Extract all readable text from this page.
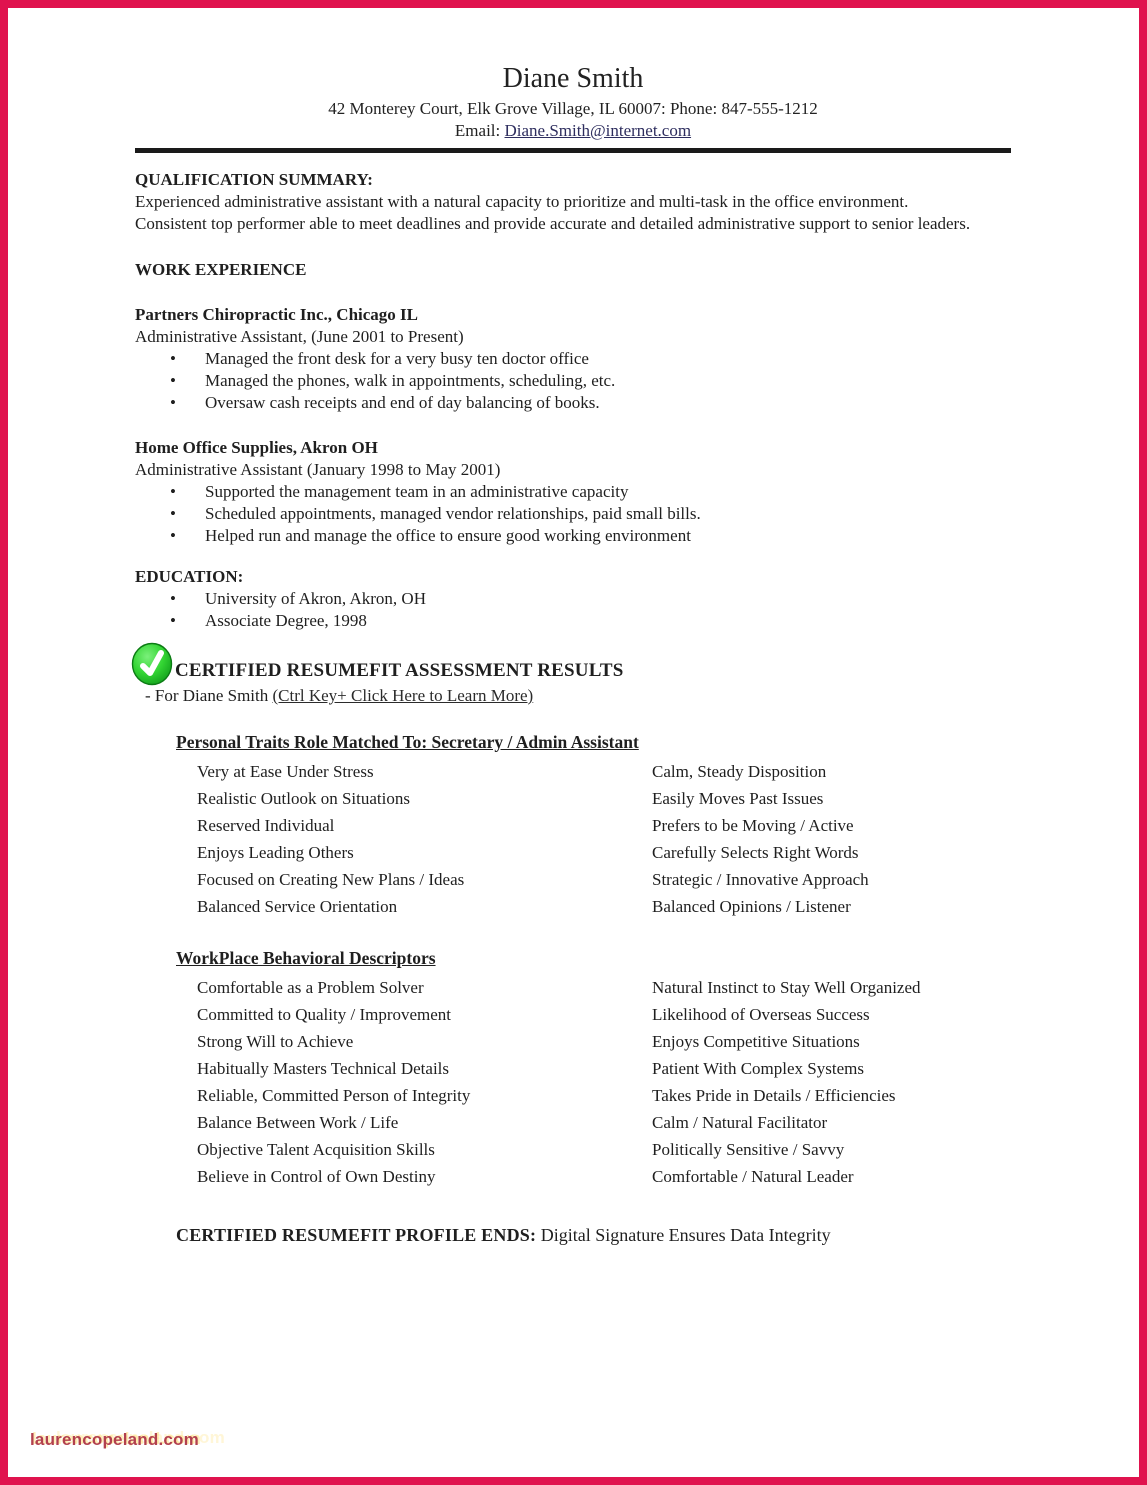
Diane Smith
42 Monterey Court, Elk Grove Village, IL 60007: Phone: 847-555-1212
Email: Diane.Smith@internet.com
QUALIFICATION SUMMARY:
Experienced administrative assistant with a natural capacity to prioritize and multi-task in the office environment.
Consistent top performer able to meet deadlines and provide accurate and detailed administrative support to senior leaders.
WORK EXPERIENCE
Partners Chiropractic Inc., Chicago IL
Administrative Assistant, (June 2001 to Present)
• Managed the front desk for a very busy ten doctor office
• Managed the phones, walk in appointments, scheduling, etc.
• Oversaw cash receipts and end of day balancing of books.
Home Office Supplies, Akron OH
Administrative Assistant (January 1998 to May 2001)
• Supported the management team in an administrative capacity
• Scheduled appointments, managed vendor relationships, paid small bills.
• Helped run and manage the office to ensure good working environment
EDUCATION:
• University of Akron, Akron, OH
• Associate Degree, 1998
CERTIFIED RESUMEFIT ASSESSMENT RESULTS
- For Diane Smith (Ctrl Key+ Click Here to Learn More)
Personal Traits Role Matched To: Secretary / Admin Assistant
Very at Ease Under Stress	Calm, Steady Disposition
Realistic Outlook on Situations	Easily Moves Past Issues
Reserved Individual	Prefers to be Moving / Active
Enjoys Leading Others	Carefully Selects Right Words
Focused on Creating New Plans / Ideas	Strategic / Innovative Approach
Balanced Service Orientation	Balanced Opinions / Listener
WorkPlace Behavioral Descriptors
Comfortable as a Problem Solver	Natural Instinct to Stay Well Organized
Committed to Quality / Improvement	Likelihood of Overseas Success
Strong Will to Achieve	Enjoys Competitive Situations
Habitually Masters Technical Details	Patient With Complex Systems
Reliable, Committed Person of Integrity	Takes Pride in Details / Efficiencies
Balance Between Work / Life	Calm / Natural Facilitator
Objective Talent Acquisition Skills	Politically Sensitive / Savvy
Believe in Control of Own Destiny	Comfortable / Natural Leader
CERTIFIED RESUMEFIT PROFILE ENDS: Digital Signature Ensures Data Integrity
laurencopeland.com
